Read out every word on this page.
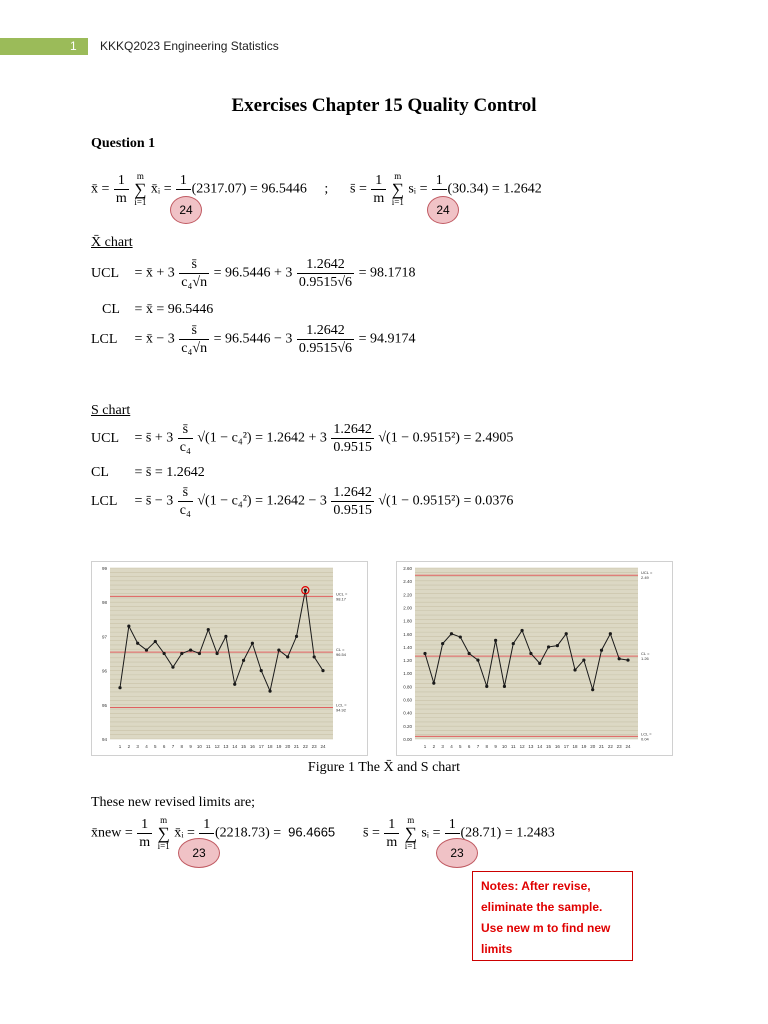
1 KKKQ2023 Engineering Statistics
Exercises Chapter 15 Quality Control
Question 1
x̄ = $\frac{1}{m}$ m
∑
i=1 x̄ᵢ =
1

(2317.07) = 96.5446 ;
24
s̄ = $\frac{1}{m}$ m
∑
i=1 sᵢ =
1

(30.34) = 1.2642
24
X̄ chart
UCL = x̄ + $3 \frac{s̄}{\text{c₄√n}} = 96.5446 + 3 \frac{1.2642}{0.9515√6} = 98.1718$
CL = x̄ = 96.5446
LCL = x̄ − $3 \frac{s̄}{\text{c₄√n}} = 96.5446 - 3 \frac{1.2642}{0.9515√6} = 94.9174$
S chart
UCL = s̄ + $3 \frac{s̄}{\text{c₄}} √(1 - c_4^2) = 1.2642 + 3 \frac{1.2642}{0.9515} √(1 - 0.9515^2) = 2.4905$
CL = s̄ = 1.2642
LCL = s̄ − $3 \frac{s̄}{\text{c₄}} √(1 - c_4^2) = 1.2642 - 3 \frac{1.2642}{0.9515} √(1 - 0.9515^2) = 0.0376$
94
95
96
97
98
99
UCL =
98.17
CL =
96.54
LCL =
94.92
1 2 3 4 5 6 7 8 9 10 11 12 13 14 15 16 17 18 19 20 21 22 23 24
0.00
0.20
0.40
0.60
0.80
1.00
1.20
1.40
1.60
1.80
2.00
2.20
2.40
2.60
UCL =
2.49
CL =
1.26
LCL =
0.04
1 2 3 4 5 6 7 8 9 10 11 12 13 14 15 16 17 18 19 20 21 22 23 24
Figure 1 The X̄ and S chart
These new revised limits are;
x̄new = $\frac{1}{m}$ m
∑
i=1 x̄ᵢ =
1

(2218.73) = 96.4665
23
s̄ = $\frac{1}{m}$ m
∑
i=1 sᵢ =
1

(28.71) = 1.2483
23
Notes: After revise, eliminate the sample. Use new m to find new limits
